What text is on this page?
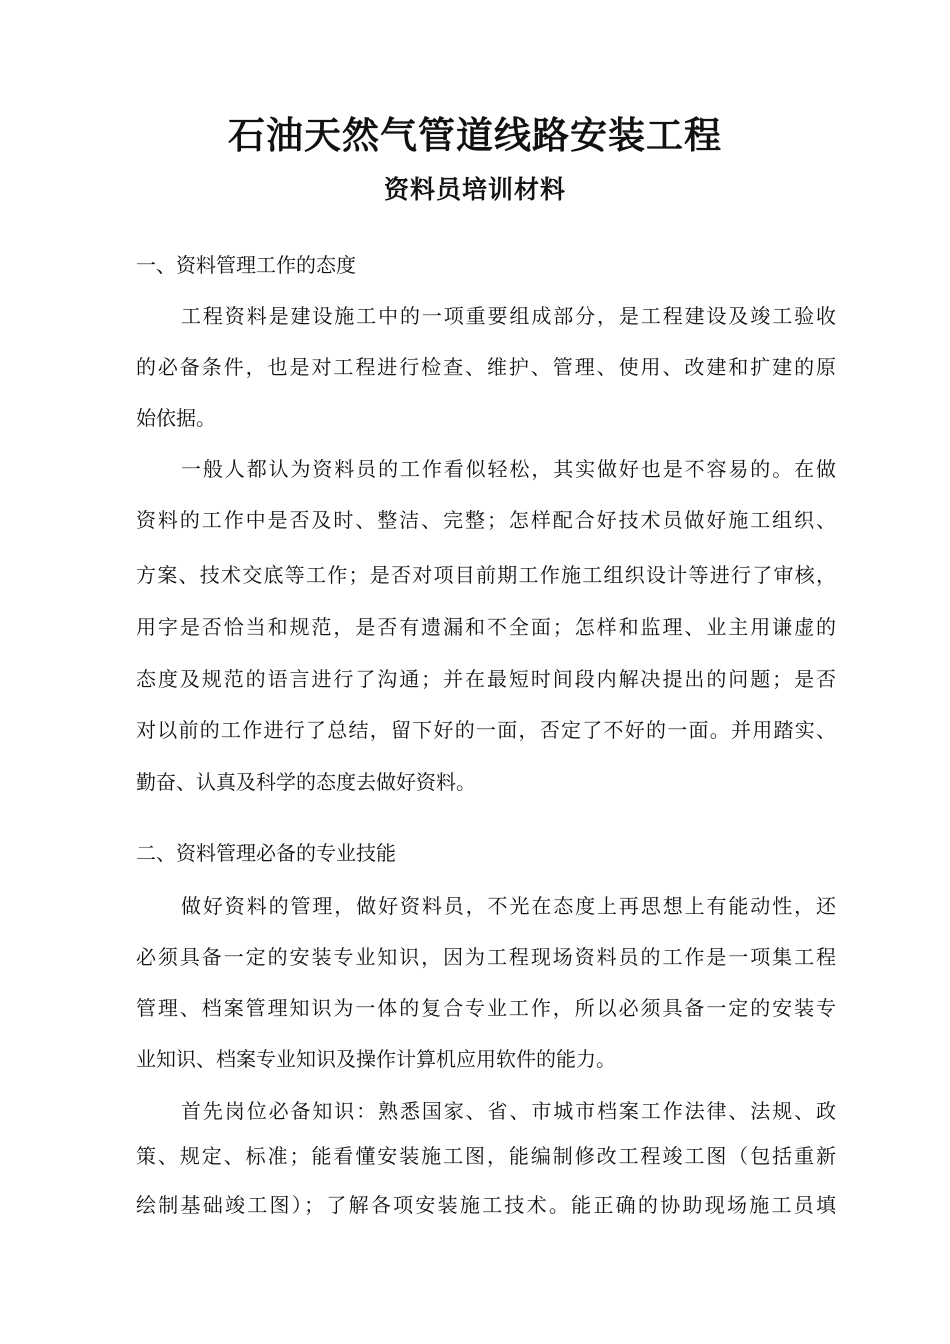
石油天然气管道线路安装工程
资料员培训材料

一、资料管理工作的态度

工程资料是建设施工中的一项重要组成部分，是工程建设及竣工验收

的必备条件，也是对工程进行检查、维护、管理、使用、改建和扩建的原

始依据。

一般人都认为资料员的工作看似轻松，其实做好也是不容易的。在做

资料的工作中是否及时、整洁、完整；怎样配合好技术员做好施工组织、

方案、技术交底等工作；是否对项目前期工作施工组织设计等进行了审核，

用字是否恰当和规范，是否有遗漏和不全面；怎样和监理、业主用谦虚的

态度及规范的语言进行了沟通；并在最短时间段内解决提出的问题；是否

对以前的工作进行了总结，留下好的一面，否定了不好的一面。并用踏实、

勤奋、认真及科学的态度去做好资料。

二、资料管理必备的专业技能

做好资料的管理，做好资料员，不光在态度上再思想上有能动性，还

必须具备一定的安装专业知识，因为工程现场资料员的工作是一项集工程

管理、档案管理知识为一体的复合专业工作，所以必须具备一定的安装专

业知识、档案专业知识及操作计算机应用软件的能力。

首先岗位必备知识：熟悉国家、省、市城市档案工作法律、法规、政

策、规定、标准；能看懂安装施工图，能编制修改工程竣工图（包括重新

绘制基础竣工图）；了解各项安装施工技术。能正确的协助现场施工员填
